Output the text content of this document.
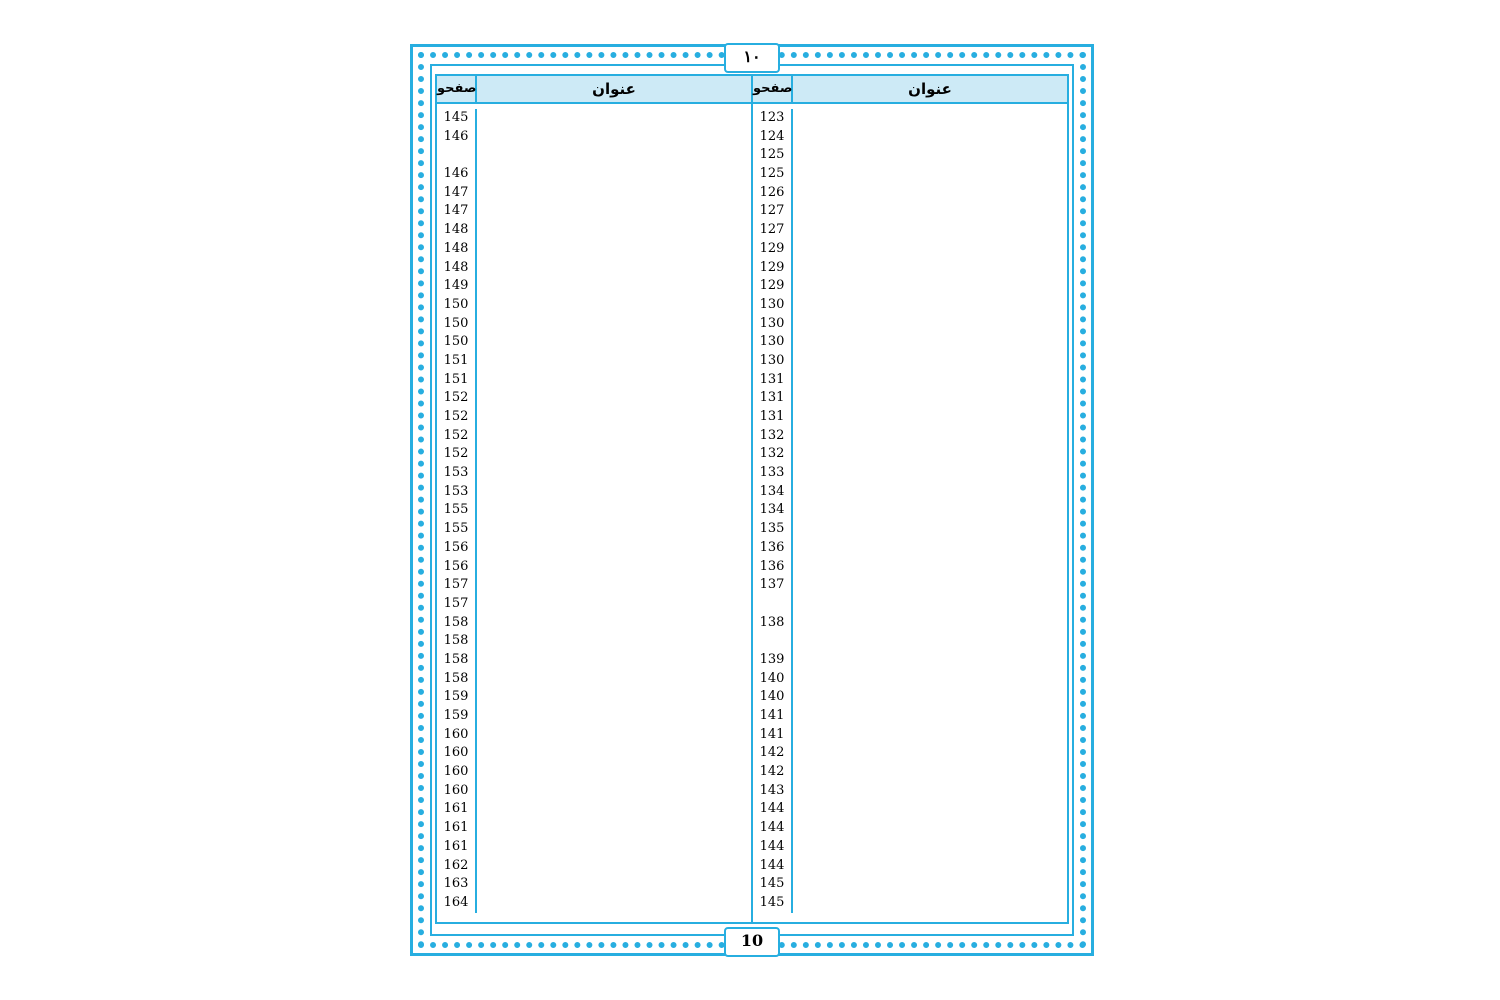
١٠
عنوان
صفحو
123
124
125
125
126
127
127
129
129
129
130
130
130
130
131
131
131
132
132
133
134
134
135
136
136
137
138
139
140
140
141
141
142
142
143
144
144
144
144
145
145
عنوان
صفحو
145
146
146
147
147
148
148
148
149
150
150
150
151
151
152
152
152
152
153
153
155
155
156
156
157
157
158
158
158
158
159
159
160
160
160
160
161
161
161
162
163
164
10
